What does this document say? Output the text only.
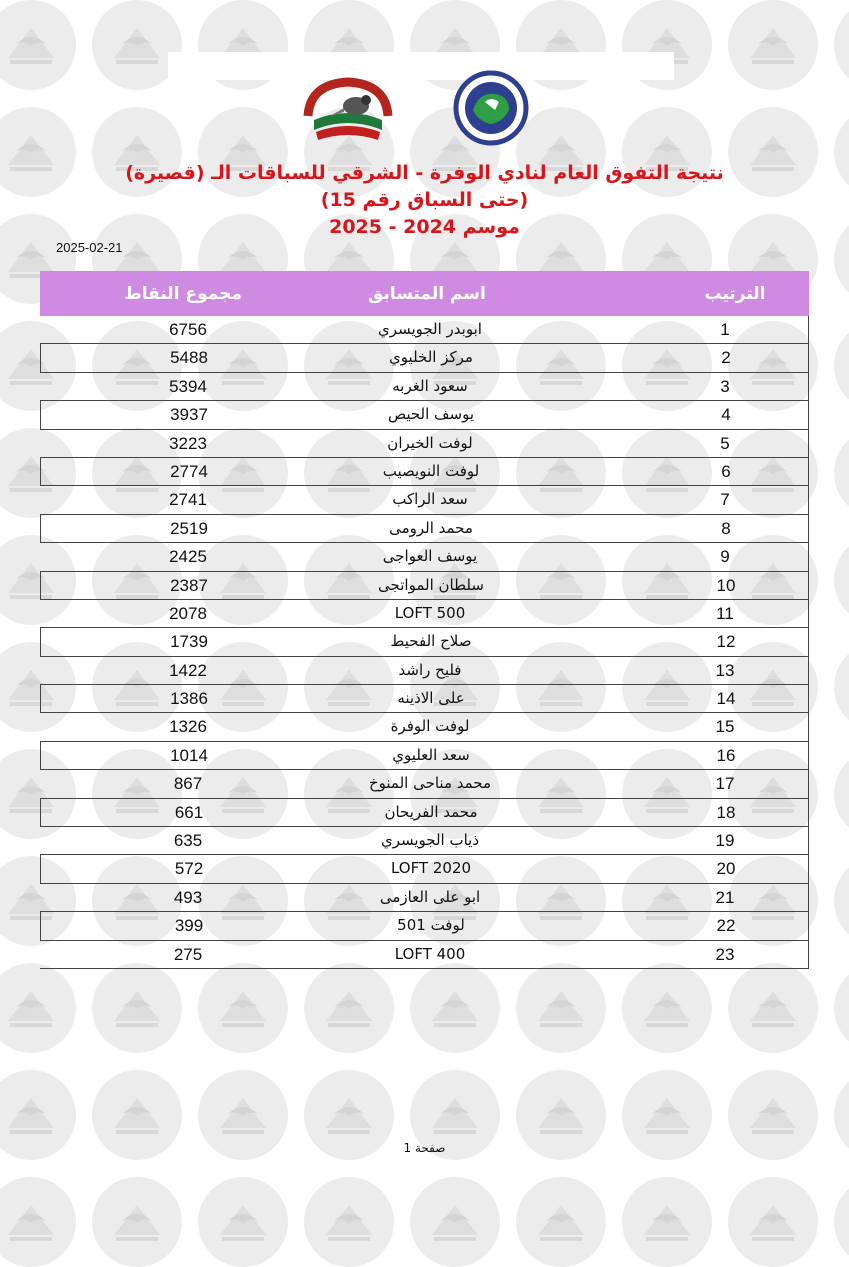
نتيجة التفوق العام لنادي الوفرة - الشرقي للسباقات الـ (قصيرة)
(حتى السباق رقم 15)
موسم 2024 - 2025
2025-02-21
مجموع النقاط	اسم المتسابق	الترتيب
6756	ابوبدر الجويسري	1
5488	مركز الخليوي	2
5394	سعود الغربه	3
3937	يوسف الحيص	4
3223	لوفت الخيران	5
2774	لوفت النويصيب	6
2741	سعد الراكب	7
2519	محمد الرومى	8
2425	يوسف العواجى	9
2387	سلطان المواتجى	10
2078	LOFT 500	11
1739	صلاح الفحيط	12
1422	فليح راشد	13
1386	على الاذينه	14
1326	لوفت الوفرة	15
1014	سعد العليوي	16
867	محمد مناحى المنوخ	17
661	محمد الفريحان	18
635	ذياب الجويسري	19
572	LOFT 2020	20
493	ابو على العازمى	21
399	لوفت 501	22
275	LOFT 400	23
صفحة 1
